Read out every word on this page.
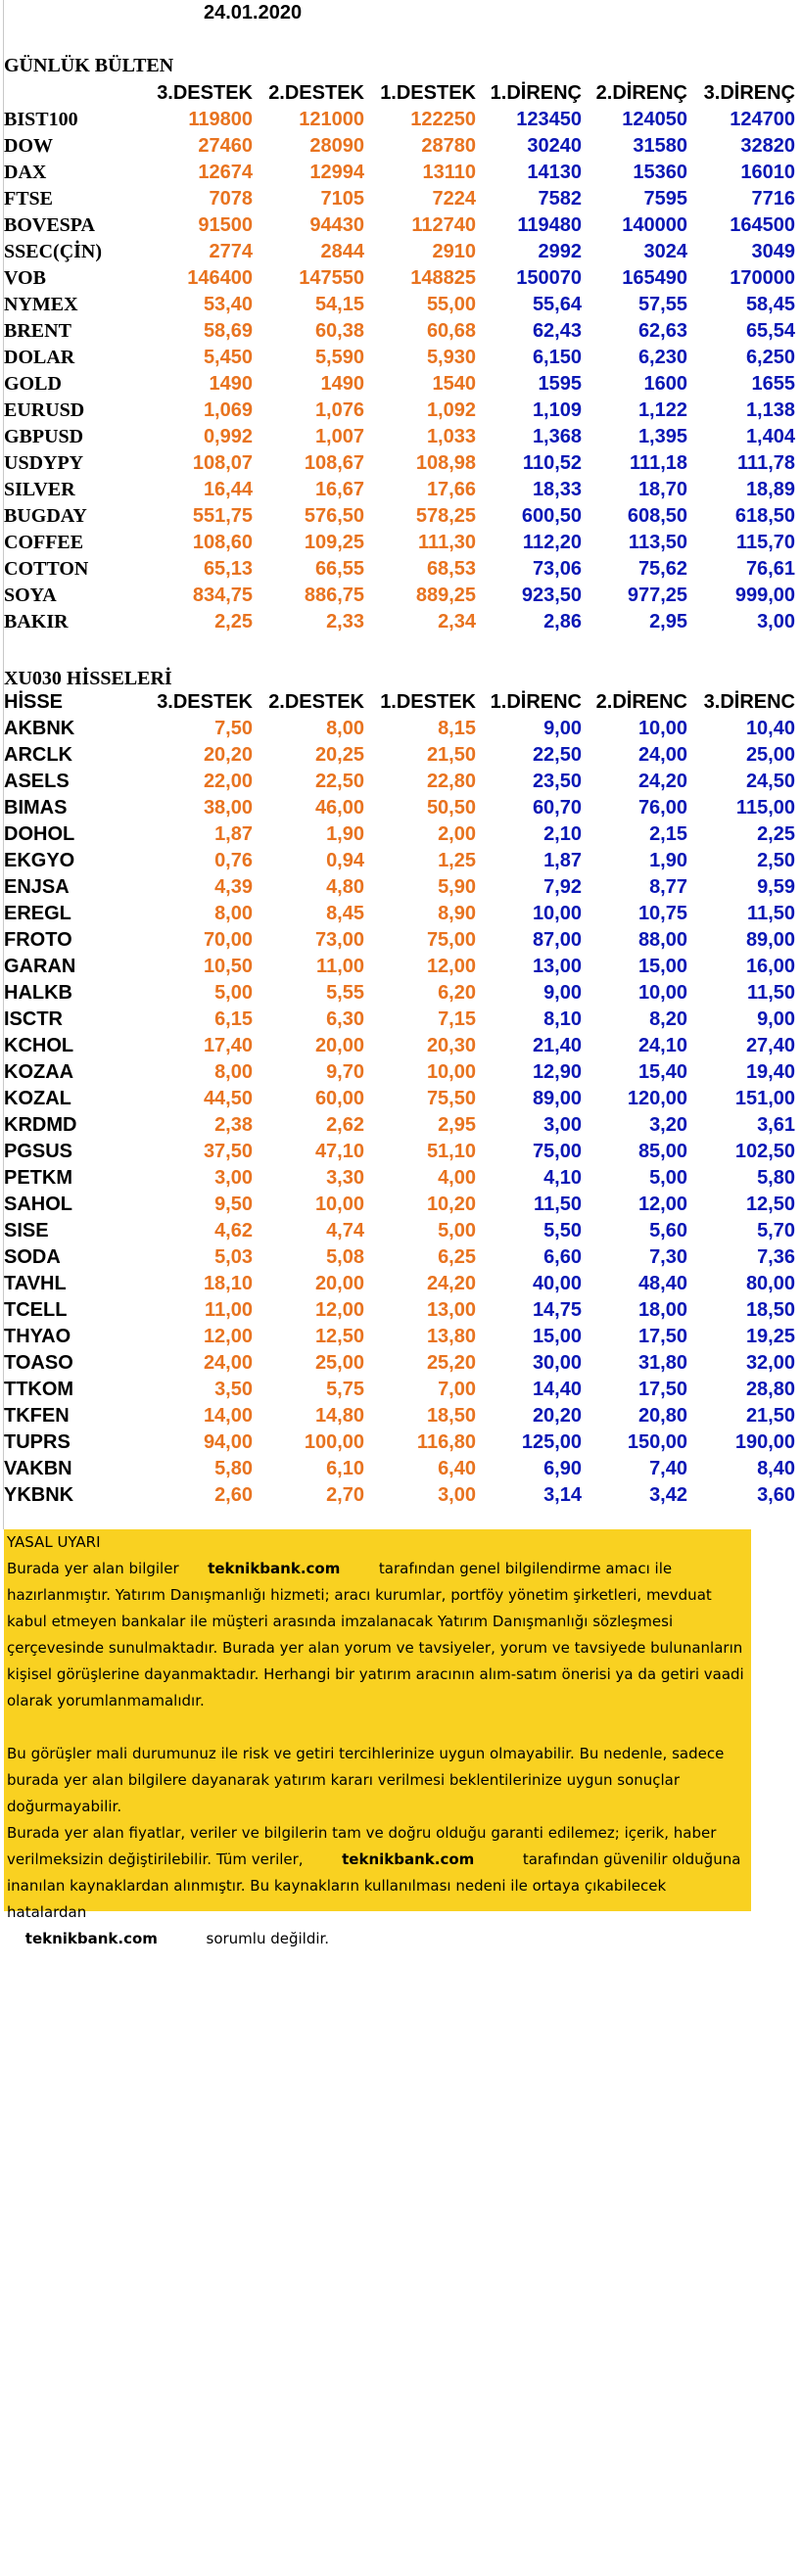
24.01.2020
GÜNLÜK BÜLTEN
3.DESTEK 2.DESTEK 1.DESTEK 1.DİRENÇ 2.DİRENÇ 3.DİRENÇ
BIST100	119800 121000 122250 123450 124050 124700
DOW	27460	28090	28780	30240	31580	32820
DAX	12674	12994	13110	14130	15360	16010
FTSE	7078	7105	7224	7582	7595	7716
BOVESPA	91500	94430 112740 119480 140000 164500
SSEC(ÇİN)	2774	2844	2910	2992	3024	3049
VOB	146400 147550 148825 150070 165490 170000
NYMEX	53,40	54,15	55,00	55,64	57,55	58,45
BRENT	58,69	60,38	60,68	62,43	62,63	65,54
DOLAR	5,450	5,590	5,930	6,150	6,230	6,250
GOLD	1490	1490	1540	1595	1600	1655
EURUSD	1,069	1,076	1,092	1,109	1,122	1,138
GBPUSD	0,992	1,007	1,033	1,368	1,395	1,404
USDYPY	108,07	108,67	108,98 110,52 111,18	111,78
SILVER	16,44	16,67	17,66	18,33	18,70	18,89
BUGDAY	551,75	576,50	578,25 600,50 608,50 618,50
COFFEE	108,60	109,25	111,30 112,20 113,50 115,70
COTTON	65,13	66,55	68,53	73,06	75,62	76,61
SOYA	834,75	886,75	889,25 923,50 977,25 999,00
BAKIR	2,25	2,33	2,34	2,86	2,95	3,00
XU030 HİSSELERİ
HİSSE	3.DESTEK 2.DESTEK 1.DESTEK 1.DİRENC 2.DİRENC 3.DİRENC
AKBNK	7,50	8,00	8,15	9,00	10,00	10,40
ARCLK	20,20	20,25	21,50	22,50	24,00	25,00
ASELS	22,00	22,50	22,80	23,50	24,20	24,50
BIMAS	38,00	46,00	50,50	60,70	76,00 115,00
DOHOL	1,87	1,90	2,00	2,10	2,15	2,25
EKGYO	0,76	0,94	1,25	1,87	1,90	2,50
ENJSA	4,39	4,80	5,90	7,92	8,77	9,59
EREGL	8,00	8,45	8,90	10,00	10,75	11,50
FROTO	70,00	73,00	75,00	87,00	88,00	89,00
GARAN	10,50	11,00	12,00	13,00	15,00	16,00
HALKB	5,00	5,55	6,20	9,00	10,00	11,50
ISCTR	6,15	6,30	7,15	8,10	8,20	9,00
KCHOL	17,40	20,00	20,30	21,40	24,10	27,40
KOZAA	8,00	9,70	10,00	12,90	15,40	19,40
KOZAL	44,50	60,00	75,50	89,00 120,00 151,00
KRDMD	2,38	2,62	2,95	3,00	3,20	3,61
PGSUS	37,50	47,10	51,10	75,00	85,00 102,50
PETKM	3,00	3,30	4,00	4,10	5,00	5,80
SAHOL	9,50	10,00	10,20	11,50	12,00	12,50
SISE	4,62	4,74	5,00	5,50	5,60	5,70
SODA	5,03	5,08	6,25	6,60	7,30	7,36
TAVHL	18,10	20,00	24,20	40,00	48,40	80,00
TCELL	11,00	12,00	13,00	14,75	18,00	18,50
THYAO	12,00	12,50	13,80	15,00	17,50	19,25
TOASO	24,00	25,00	25,20	30,00	31,80	32,00
TTKOM	3,50	5,75	7,00	14,40	17,50	28,80
TKFEN	14,00	14,80	18,50	20,20	20,80	21,50
TUPRS	94,00	100,00	116,80 125,00 150,00 190,00
VAKBN	5,80	6,10	6,40	6,90	7,40	8,40
YKBNK	2,60	2,70	3,00	3,14	3,42	3,60

YASAL UYARI

Burada yer alan bilgiler teknikbank.com	tarafından genel bilgilendirme amacı ile

hazırlanmıştır. Yatırım Danışmanlığı hizmeti; aracı kurumlar, portföy yönetim şirketleri, mevduat

kabul etmeyen bankalar ile müşteri arasında imzalanacak Yatırım Danışmanlığı sözleşmesi

çerçevesinde sunulmaktadır. Burada yer alan yorum ve tavsiyeler, yorum ve tavsiyede bulunanların

kişisel görüşlerine dayanmaktadır. Herhangi bir yatırım aracının alım-satım önerisi ya da getiri vaadi

olarak yorumlanmamalıdır.

Bu görüşler mali durumunuz ile risk ve getiri tercihlerinize uygun olmayabilir. Bu nedenle, sadece

burada yer alan bilgilere dayanarak yatırım kararı verilmesi beklentilerinize uygun sonuçlar

doğurmayabilir.

Burada yer alan fiyatlar, veriler ve bilgilerin tam ve doğru olduğu garanti edilemez; içerik, haber

verilmeksizin değiştirilebilir. Tüm veriler,	teknikbank.com	tarafından güvenilir olduğuna

inanılan kaynaklardan alınmıştır. Bu kaynakların kullanılması nedeni ile ortaya çıkabilecek hatalardan

teknikbank.com	sorumlu değildir.
